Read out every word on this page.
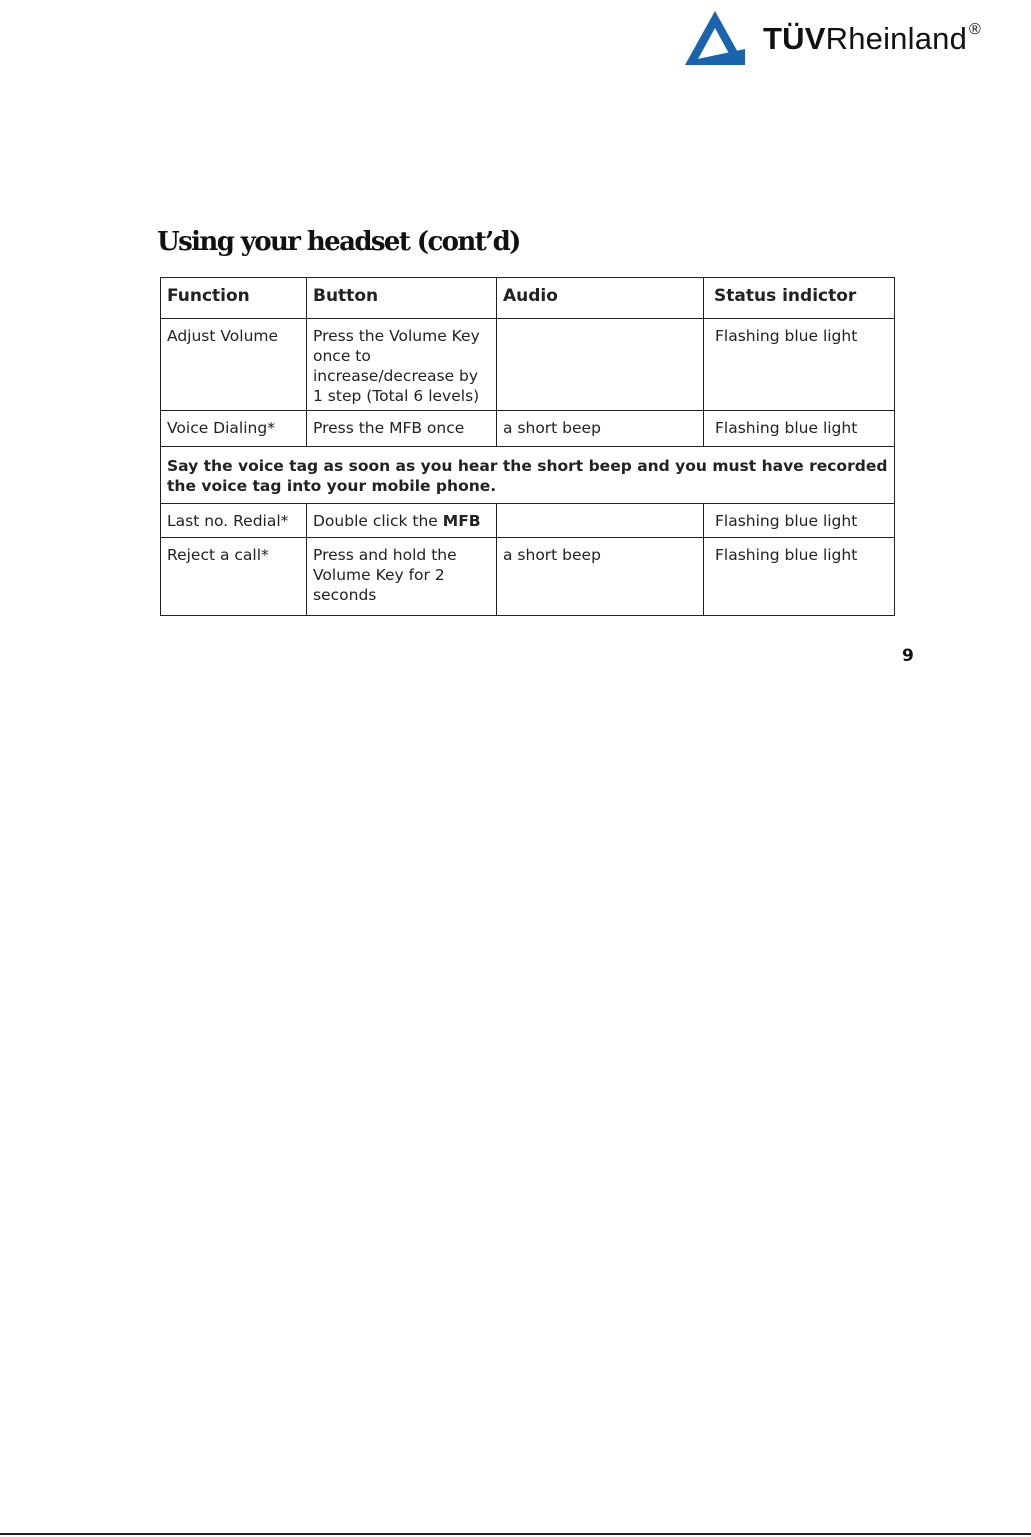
TÜVRheinland ®
Using your headset (cont’d)
Function	Button	Audio	Status indictor
Adjust Volume	Press the Volume Key once to increase/decrease by 1 step (Total 6 levels)		Flashing blue light
Voice Dialing*	Press the MFB once	a short beep	Flashing blue light
Say the voice tag as soon as you hear the short beep and you must have recorded the voice tag into your mobile phone.			
Last no. Redial*	Double click the MFB		Flashing blue light
Reject a call*	Press and hold the Volume Key for 2 seconds	a short beep	Flashing blue light
9
